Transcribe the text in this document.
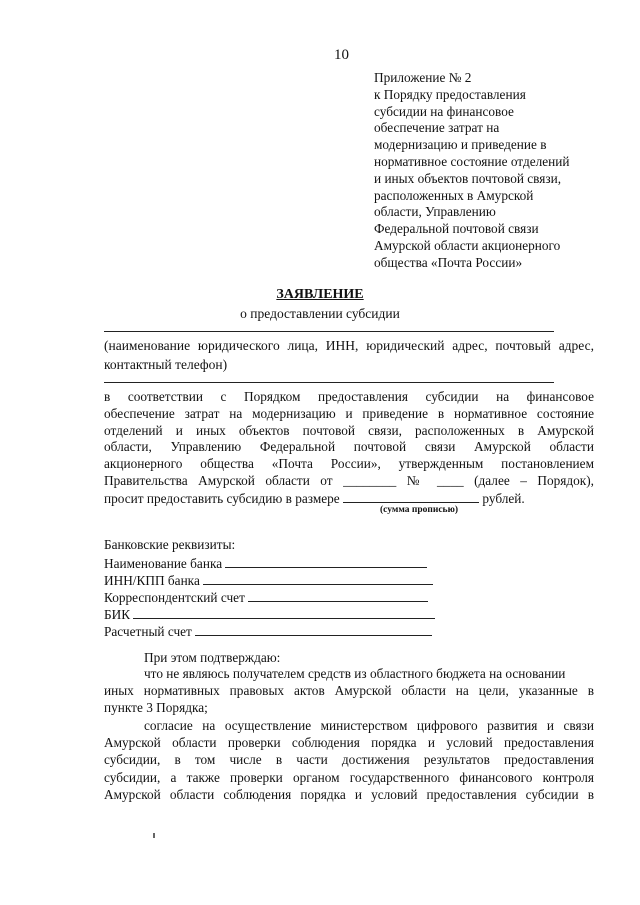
10
Приложение № 2
к Порядку предоставления
субсидии на финансовое
обеспечение затрат на
модернизацию и приведение в
нормативное состояние отделений
и иных объектов почтовой связи,
расположенных в Амурской
области, Управлению
Федеральной почтовой связи
Амурской области акционерного
общества «Почта России»
ЗАЯВЛЕНИЕ
о предоставлении субсидии
(наименование юридического лица, ИНН, юридический адрес, почтовый адрес, контактный телефон)
в соответствии с Порядком предоставления субсидии на финансовое
обеспечение затрат на модернизацию и приведение в нормативное состояние
отделений и иных объектов почтовой связи, расположенных в Амурской
области, Управлению Федеральной почтовой связи Амурской области
акционерного общества «Почта России», утвержденным постановлением
Правительства Амурской области от ________ № ____ (далее – Порядок),
просит предоставить субсидию в размере	рублей.
(сумма прописью)
Банковские реквизиты:
Наименование банка
ИНН/КПП банка
Корреспондентский счет
БИК
Расчетный счет
При этом подтверждаю:
что не являюсь получателем средств из областного бюджета на основании
иных нормативных правовых актов Амурской области на цели, указанные в
пункте 3 Порядка;
согласие на осуществление министерством цифрового развития и связи
Амурской области проверки соблюдения порядка и условий предоставления
субсидии, в том числе в части достижения результатов предоставления
субсидии, а также проверки органом государственного финансового контроля
Амурской области соблюдения порядка и условий предоставления субсидии в
